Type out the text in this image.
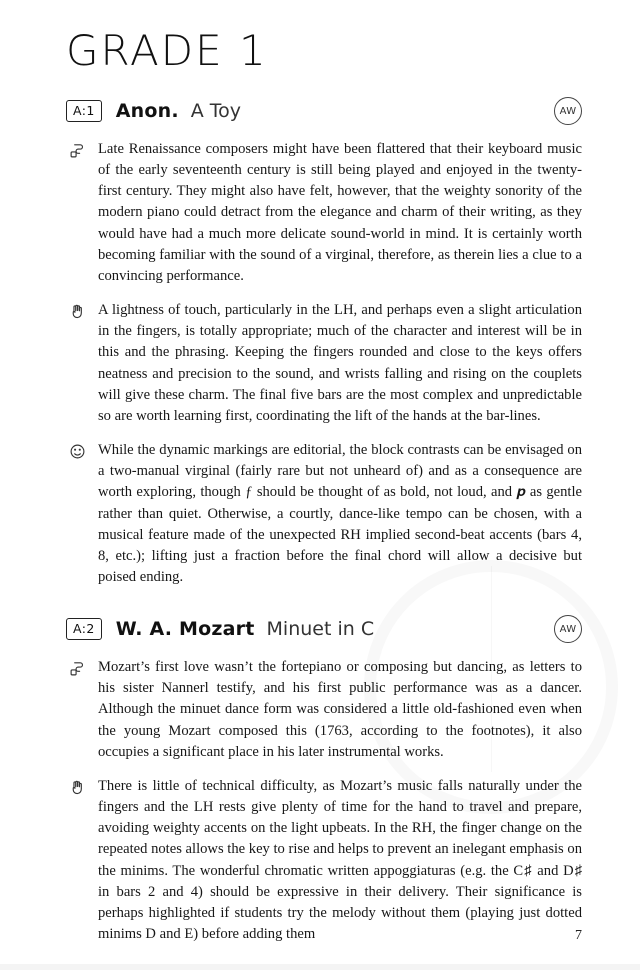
GRADE 1
A:1	Anon. A Toy	AW
Late Renaissance composers might have been flattered that their keyboard music of the early seventeenth century is still being played and enjoyed in the twenty-first century. They might also have felt, however, that the weighty sonority of the modern piano could detract from the elegance and charm of their writing, as they would have had a much more delicate sound-world in mind. It is certainly worth becoming familiar with the sound of a virginal, therefore, as therein lies a clue to a convincing performance.
A lightness of touch, particularly in the LH, and perhaps even a slight articulation in the fingers, is totally appropriate; much of the character and interest will be in this and the phrasing. Keeping the fingers rounded and close to the keys offers neatness and precision to the sound, and wrists falling and rising on the couplets will give these charm. The final five bars are the most complex and unpredictable so are worth learning first, coordinating the lift of the hands at the bar-lines.
While the dynamic markings are editorial, the block contrasts can be envisaged on a two-manual virginal (fairly rare but not unheard of) and as a consequence are worth exploring, though ƒ should be thought of as bold, not loud, and 𝒑 as gentle rather than quiet. Otherwise, a courtly, dance-like tempo can be chosen, with a musical feature made of the unexpected RH implied second-beat accents (bars 4, 8, etc.); lifting just a fraction before the final chord will allow a decisive but poised ending.
A:2	W. A. Mozart Minuet in C	AW
Mozart’s first love wasn’t the fortepiano or composing but dancing, as letters to his sister Nannerl testify, and his first public performance was as a dancer. Although the minuet dance form was considered a little old-fashioned even when the young Mozart composed this (1763, according to the footnotes), it also occupies a significant place in his later instrumental works.
There is little of technical difficulty, as Mozart’s music falls naturally under the fingers and the LH rests give plenty of time for the hand to travel and prepare, avoiding weighty accents on the light upbeats. In the RH, the finger change on the repeated notes allows the key to rise and helps to prevent an inelegant emphasis on the minims. The wonderful chromatic written appoggiaturas (e.g. the C♯ and D♯ in bars 2 and 4) should be expressive in their delivery. Their significance is perhaps highlighted if students try the melody without them (playing just dotted minims D and E) before adding them	7
